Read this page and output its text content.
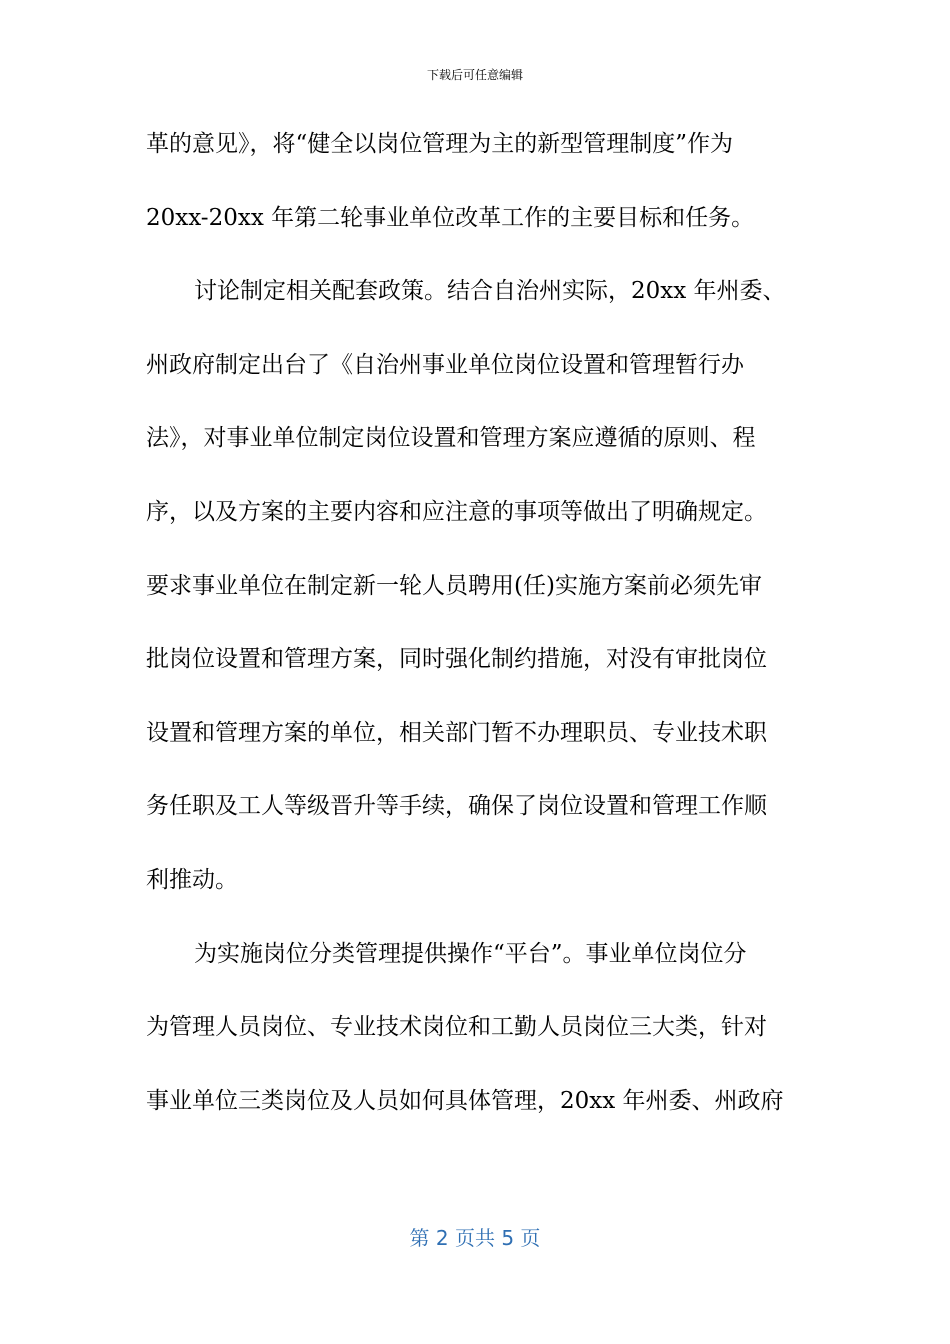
下载后可任意编辑
革的意见》，将“健全以岗位管理为主的新型管理制度”作为
20xx-20xx 年第二轮事业单位改革工作的主要目标和任务。
讨论制定相关配套政策。结合自治州实际，20xx 年州委、
州政府制定出台了《自治州事业单位岗位设置和管理暂行办
法》，对事业单位制定岗位设置和管理方案应遵循的原则、程
序，以及方案的主要内容和应注意的事项等做出了明确规定。
要求事业单位在制定新一轮人员聘用(任)实施方案前必须先审
批岗位设置和管理方案，同时强化制约措施，对没有审批岗位
设置和管理方案的单位，相关部门暂不办理职员、专业技术职
务任职及工人等级晋升等手续，确保了岗位设置和管理工作顺
利推动。
为实施岗位分类管理提供操作“平台”。事业单位岗位分
为管理人员岗位、专业技术岗位和工勤人员岗位三大类，针对
事业单位三类岗位及人员如何具体管理，20xx 年州委、州政府
第 2 页共 5 页
